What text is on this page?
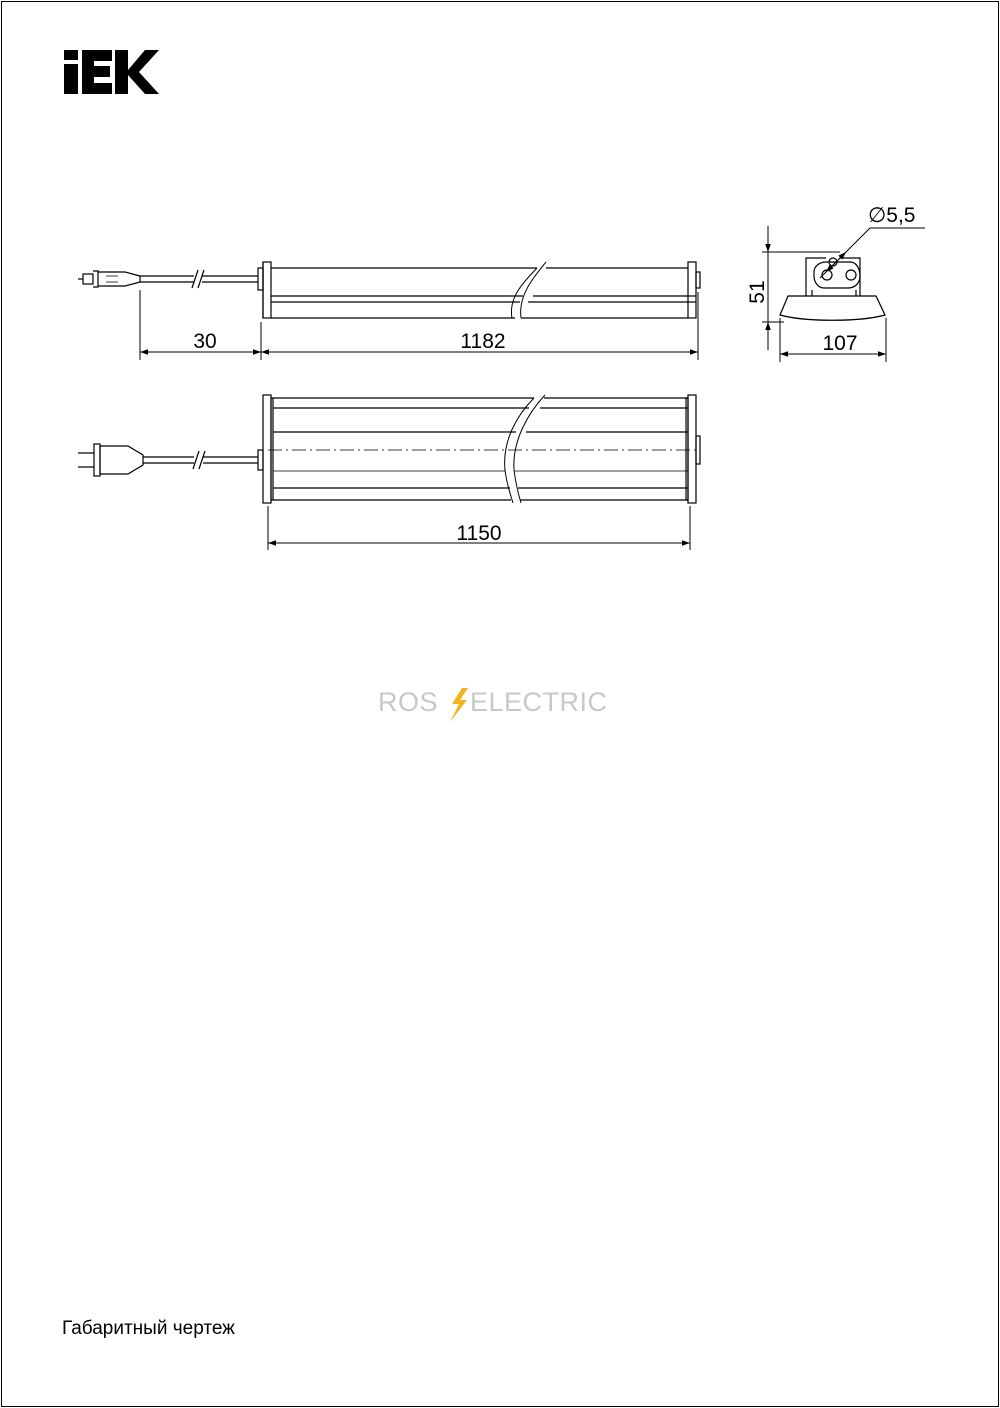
30	1182
∅5,5
51
107
1150
ROS ELECTRIC
Габаритный чертеж
